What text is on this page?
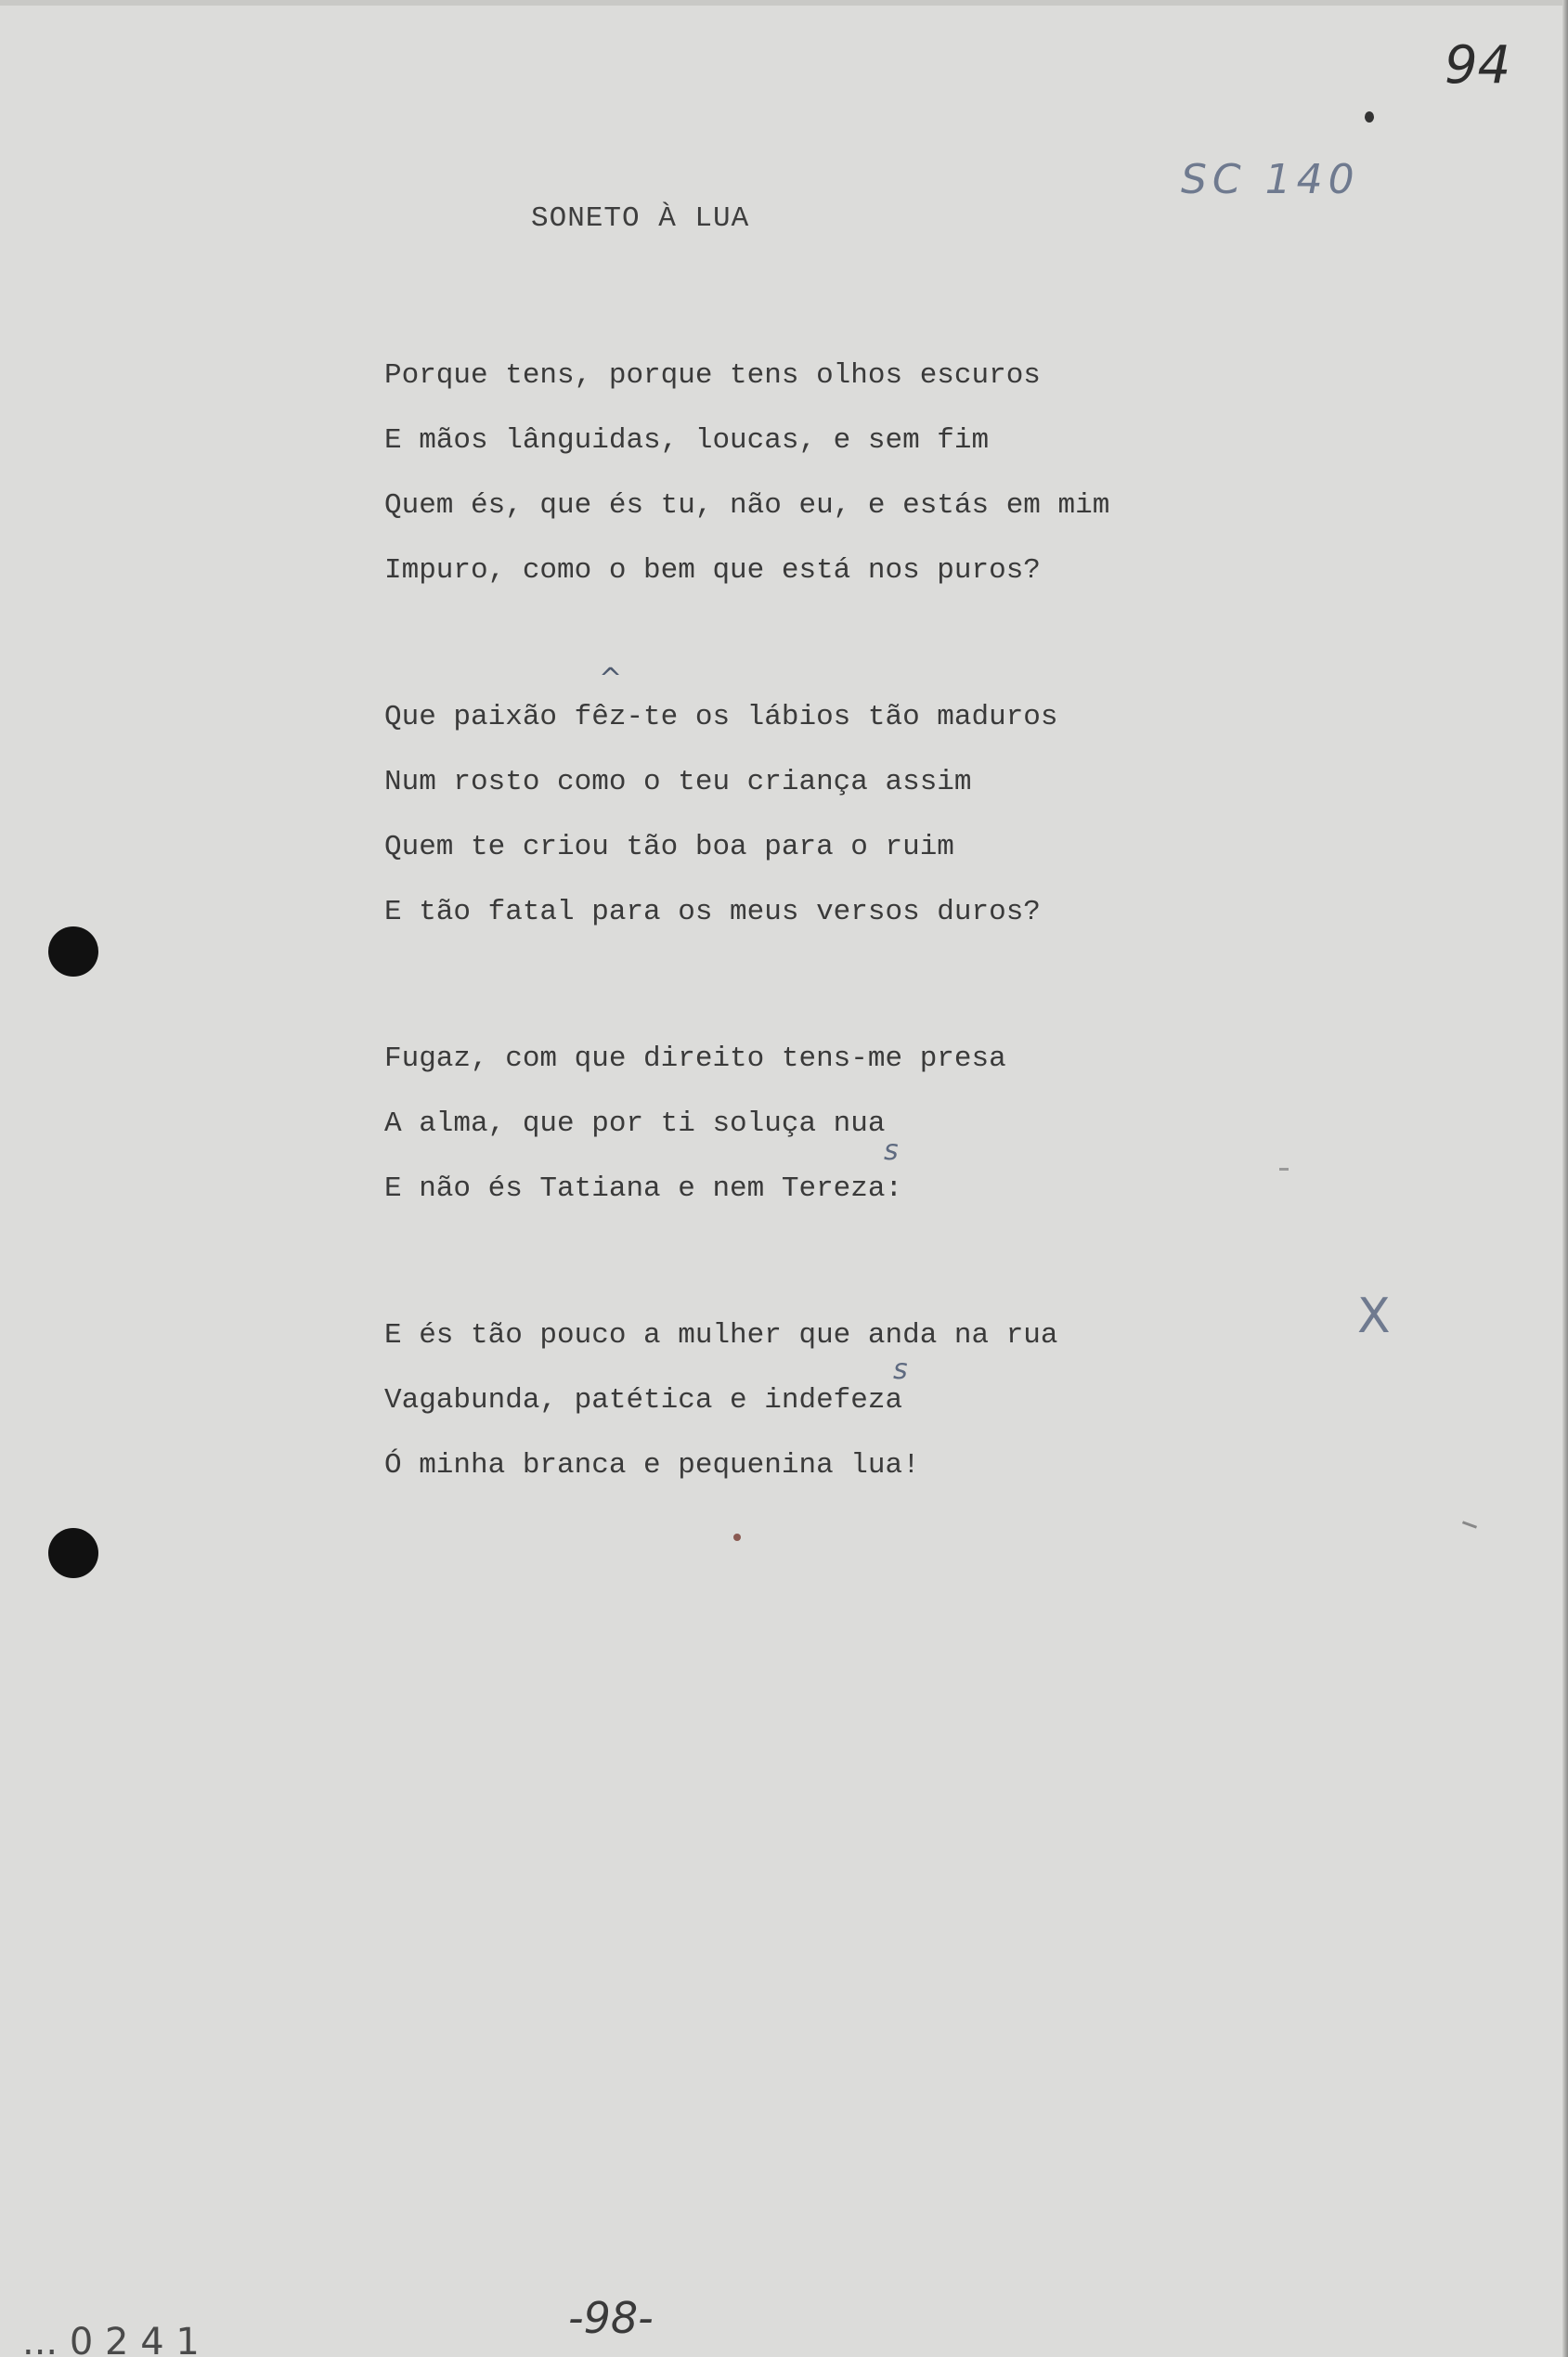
94
SC 140
SONETO À LUA
^
s
s
Porque tens, porque tens olhos escuros
E mãos lânguidas, loucas, e sem fim
Quem és, que és tu, não eu, e estás em mim
Impuro, como o bem que está nos puros?
Que paixão fêz-te os lábios tão maduros
Num rosto como o teu criança assim
Quem te criou tão boa para o ruim
E tão fatal para os meus versos duros?
Fugaz, com que direito tens-me presa
A alma, que por ti soluça nua
E não és Tatiana e nem Tereza:
E és tão pouco a mulher que anda na rua
Vagabunda, patética e indefeza
Ó minha branca e pequenina lua!
X
-98-
... 0 2 4 1
